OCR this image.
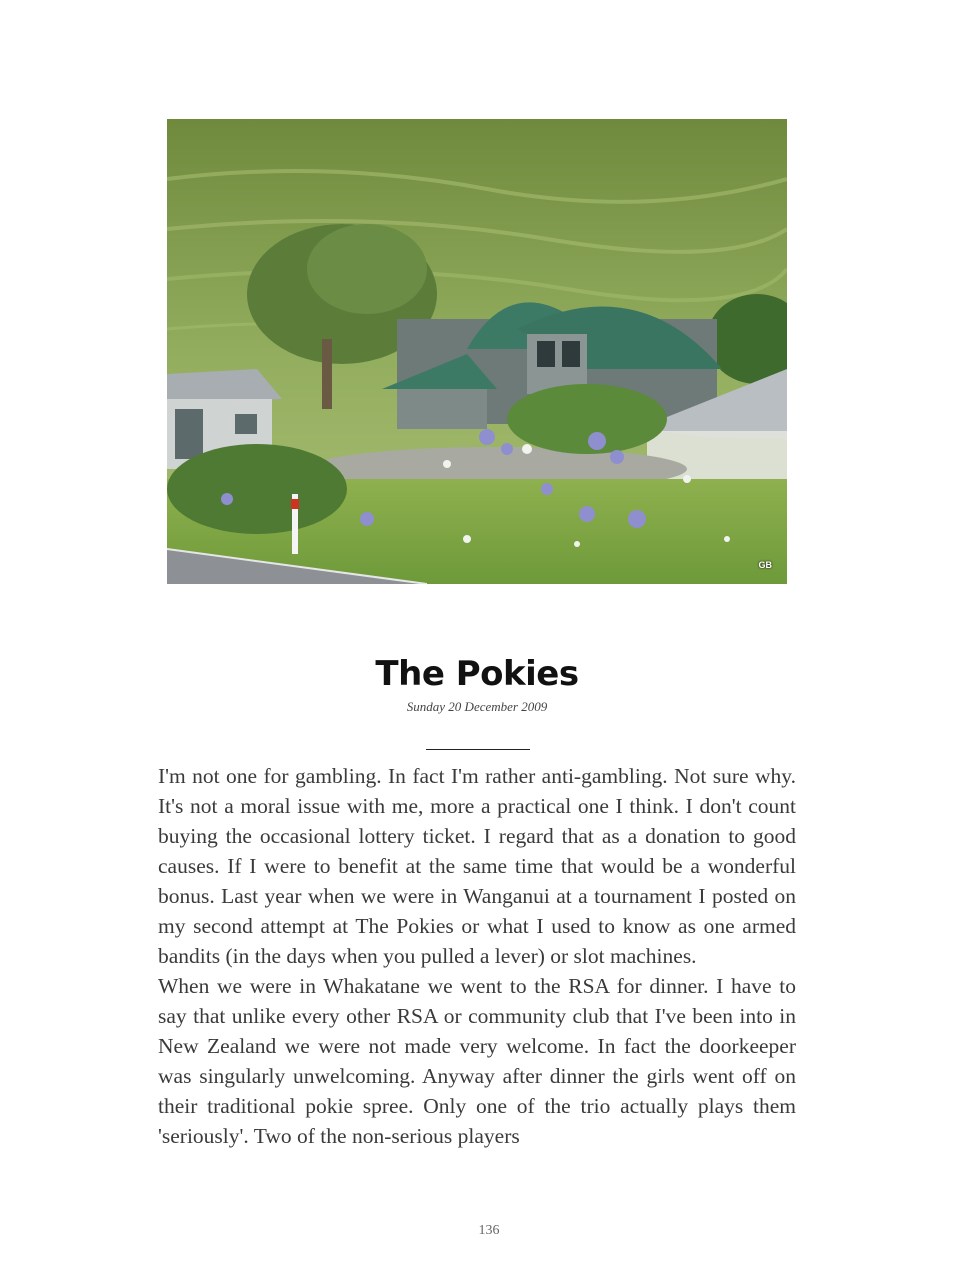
GB
The Pokies
Sunday 20 December 2009

I'm not one for gambling. In fact I'm rather anti-gambling. Not sure why. It's not a moral issue with me, more a practical one I think. I don't count buying the occasional lottery ticket. I regard that as a donation to good causes. If I were to benefit at the same time that would be a wonderful bonus. Last year when we were in Wanganui at a tournament I posted on my second attempt at The Pokies or what I used to know as one armed bandits (in the days when you pulled a lever) or slot machines.

When we were in Whakatane we went to the RSA for dinner. I have to say that unlike every other RSA or community club that I've been into in New Zealand we were not made very welcome. In fact the doorkeeper was singularly unwelcoming. Anyway after dinner the girls went off on their traditional pokie spree. Only one of the trio actually plays them 'seriously'. Two of the non-serious players

136
